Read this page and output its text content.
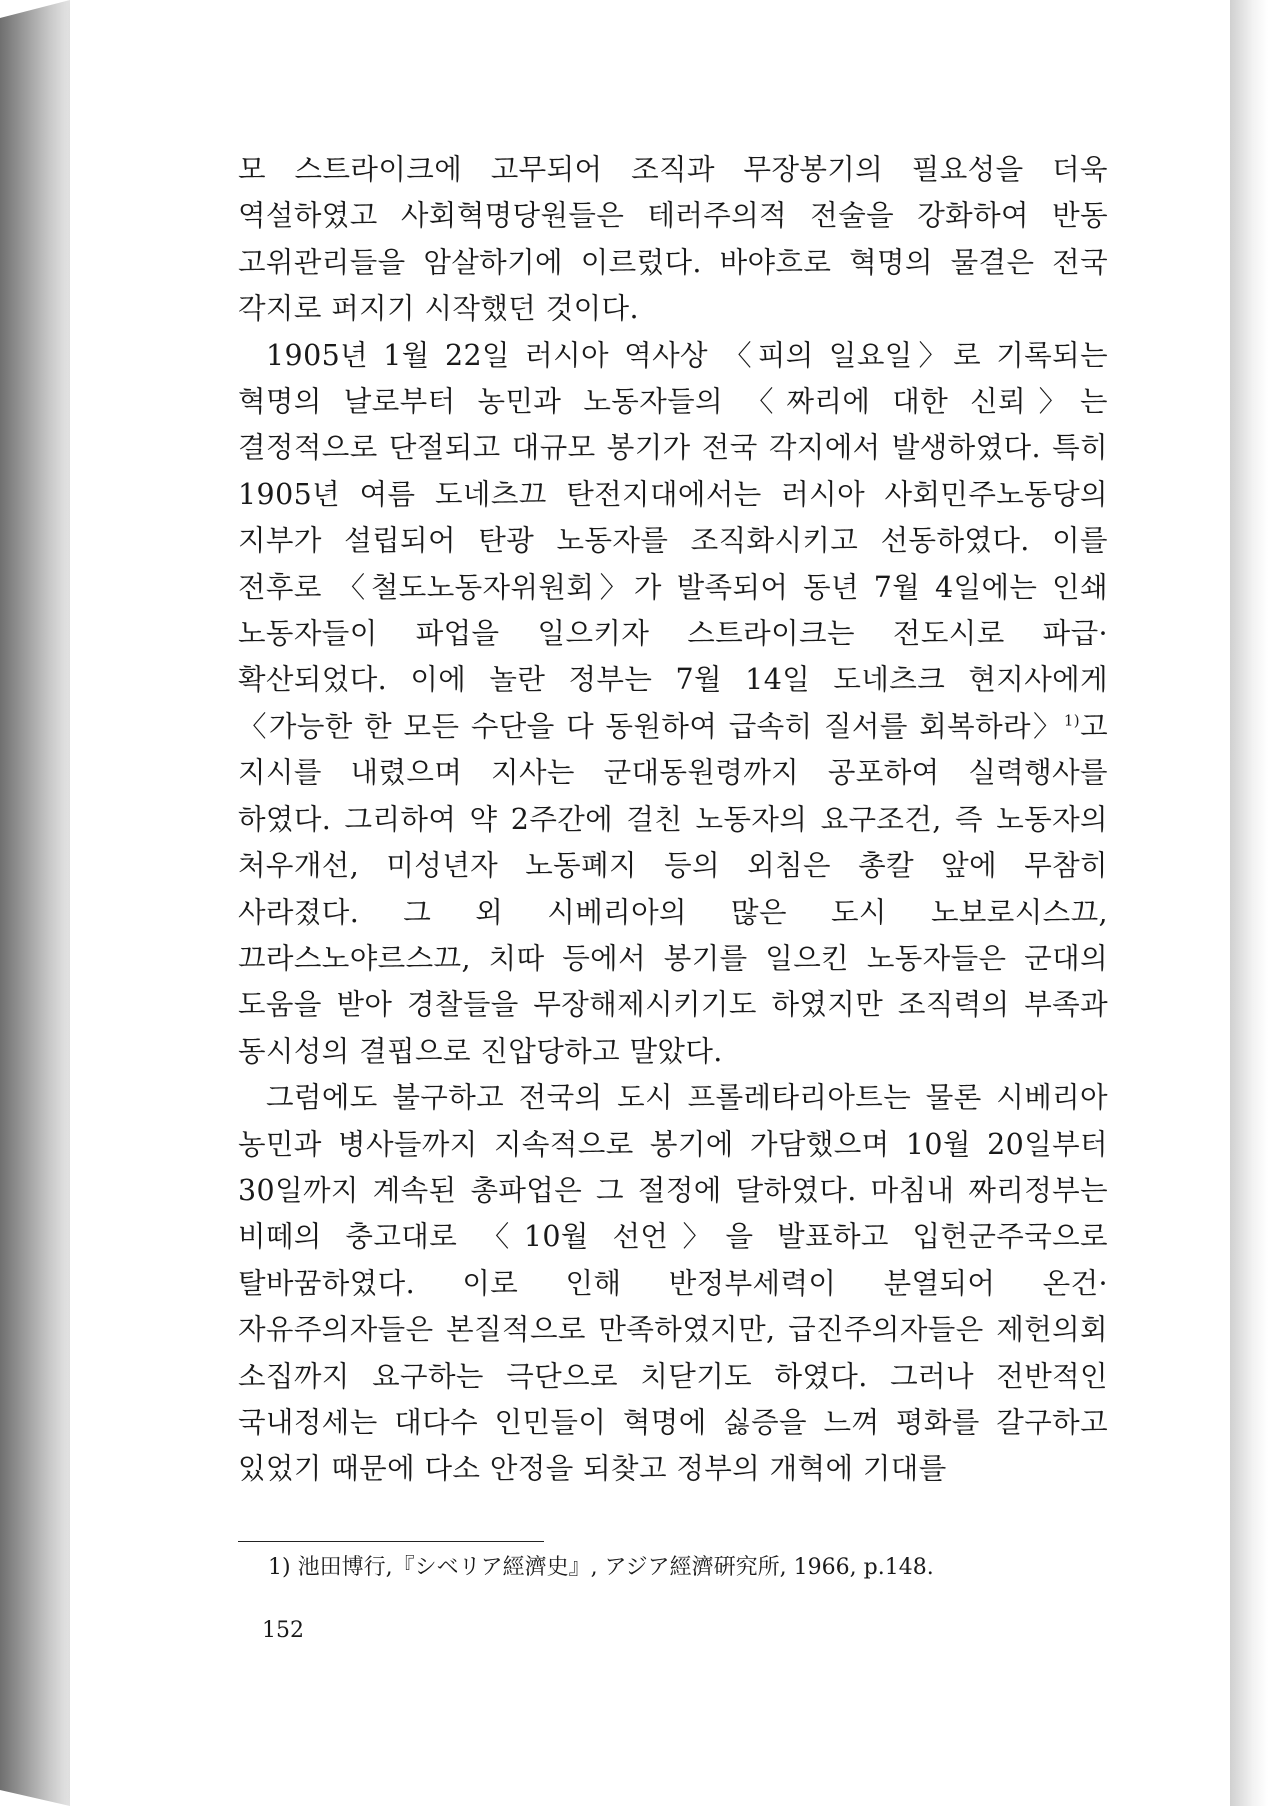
모 스트라이크에 고무되어 조직과 무장봉기의 필요성을 더욱 역설하였고 사회혁명당원들은 테러주의적 전술을 강화하여 반동 고위관리들을 암살하기에 이르렀다. 바야흐로 혁명의 물결은 전국 각지로 퍼지기 시작했던 것이다.

1905년 1월 22일 러시아 역사상 〈피의 일요일〉로 기록되는 혁명의 날로부터 농민과 노동자들의 〈짜리에 대한 신뢰〉는 결정적으로 단절되고 대규모 봉기가 전국 각지에서 발생하였다. 특히 1905년 여름 도네츠끄 탄전지대에서는 러시아 사회민주노동당의 지부가 설립되어 탄광 노동자를 조직화시키고 선동하였다. 이를 전후로 〈철도노동자위원회〉가 발족되어 동년 7월 4일에는 인쇄 노동자들이 파업을 일으키자 스트라이크는 전도시로 파급·확산되었다. 이에 놀란 정부는 7월 14일 도네츠크 현지사에게 〈가능한 한 모든 수단을 다 동원하여 급속히 질서를 회복하라〉$^{1)}$고 지시를 내렸으며 지사는 군대동원령까지 공포하여 실력행사를 하였다. 그리하여 약 2주간에 걸친 노동자의 요구조건, 즉 노동자의 처우개선, 미성년자 노동폐지 등의 외침은 총칼 앞에 무참히 사라졌다. 그 외 시베리아의 많은 도시 노보로시스끄, 끄라스노야르스끄, 치따 등에서 봉기를 일으킨 노동자들은 군대의 도움을 받아 경찰들을 무장해제시키기도 하였지만 조직력의 부족과 동시성의 결핍으로 진압당하고 말았다.

그럼에도 불구하고 전국의 도시 프롤레타리아트는 물론 시베리아 농민과 병사들까지 지속적으로 봉기에 가담했으며 10월 20일부터 30일까지 계속된 총파업은 그 절정에 달하였다. 마침내 짜리정부는 비떼의 충고대로 〈10월 선언〉을 발표하고 입헌군주국으로 탈바꿈하였다. 이로 인해 반정부세력이 분열되어 온건·자유주의자들은 본질적으로 만족하였지만, 급진주의자들은 제헌의회 소집까지 요구하는 극단으로 치닫기도 하였다. 그러나 전반적인 국내정세는 대다수 인민들이 혁명에 싫증을 느껴 평화를 갈구하고 있었기 때문에 다소 안정을 되찾고 정부의 개혁에 기대를

1) 池田博行,『シベリア經濟史』, アジア經濟硏究所, 1966, p.148.
152
